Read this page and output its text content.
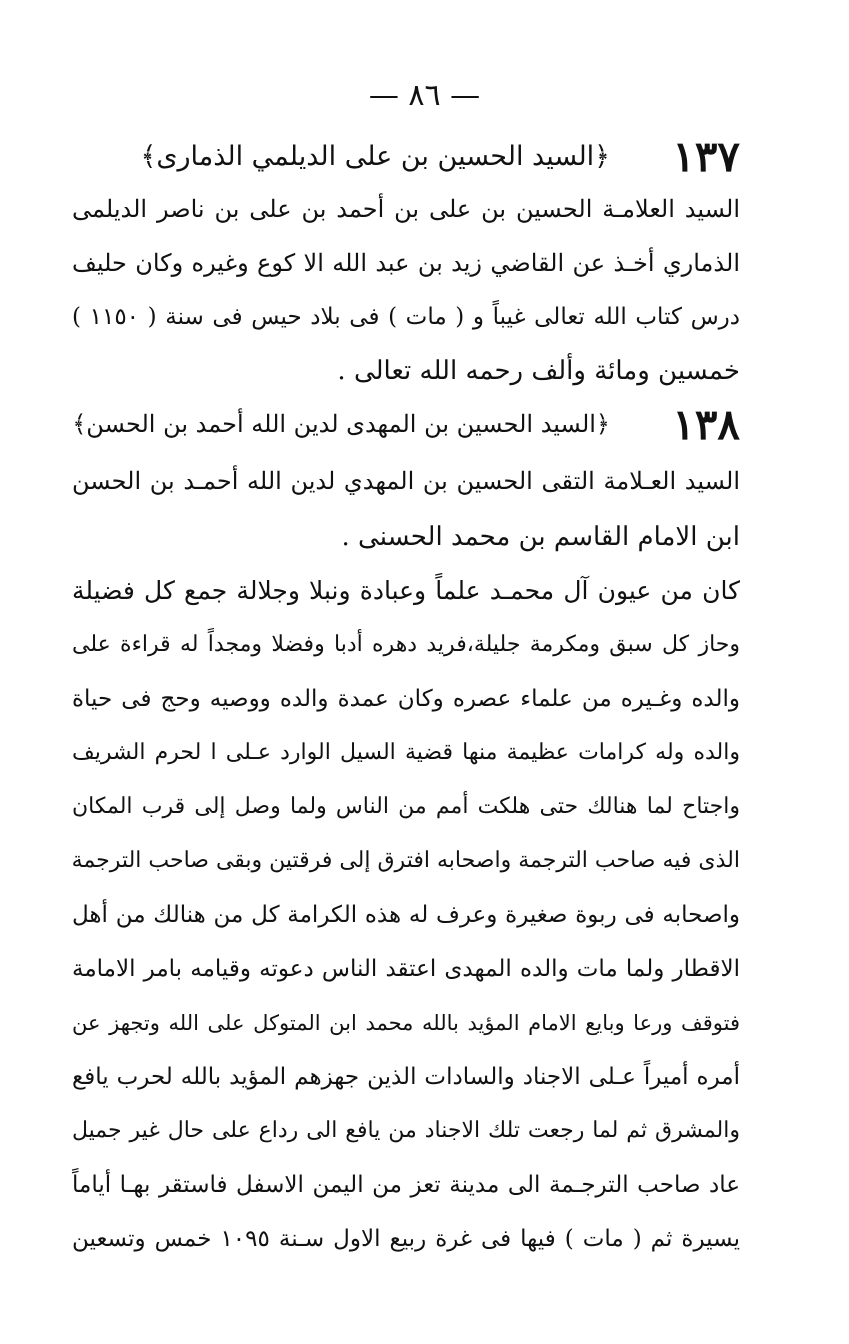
— ٨٦ —
١٣٧
﴿السيد الحسين بن على الديلمي الذمارى﴾
السيد العلامـة الحسين بن على بن أحمد بن على بن ناصر الديلمى
الذماري أخـذ عن القاضي زيد بن عبد الله الا كوع وغيره وكان حليف
درس كتاب الله تعالى غيباً و ( مات ) فى بلاد حيس فى سنة ( ١١٥٠ )
خمسين ومائة وألف رحمه الله تعالى .
١٣٨
﴿السيد الحسين بن المهدى لدين الله أحمد بن الحسن﴾
السيد العـلامة التقى الحسين بن المهدي لدين الله أحمـد بن الحسن
ابن الامام القاسم بن محمد الحسنى .
كان من عيون آل محمـد علماً وعبادة ونبلا وجلالة جمع كل فضيلة
وحاز كل سبق ومكرمة جليلة،فريد دهره أدبا وفضلا ومجداً له قراءة على
والده وغـيره من علماء عصره وكان عمدة والده ووصيه وحج فى حياة
والده وله كرامات عظيمة منها قضية السيل الوارد عـلى ا لحرم الشريف
واجتاح لما هنالك حتى هلكت أمم من الناس ولما وصل إلى قرب المكان
الذى فيه صاحب الترجمة واصحابه افترق إلى فرقتين وبقى صاحب الترجمة
واصحابه فى ربوة صغيرة وعرف له هذه الكرامة كل من هنالك من أهل
الاقطار ولما مات والده المهدى اعتقد الناس دعوته وقيامه بامر الامامة
فتوقف ورعا وبايع الامام المؤيد بالله محمد ابن المتوكل على الله وتجهز عن
أمره أميراً عـلى الاجناد والسادات الذين جهزهم المؤيد بالله لحرب يافع
والمشرق ثم لما رجعت تلك الاجناد من يافع الى رداع على حال غير جميل
عاد صاحب الترجـمة الى مدينة تعز من اليمن الاسفل فاستقر بهـا أياماً
يسيرة ثم ( مات ) فيها فى غرة ربيع الاول سـنة ١٠٩٥ خمس وتسعين
